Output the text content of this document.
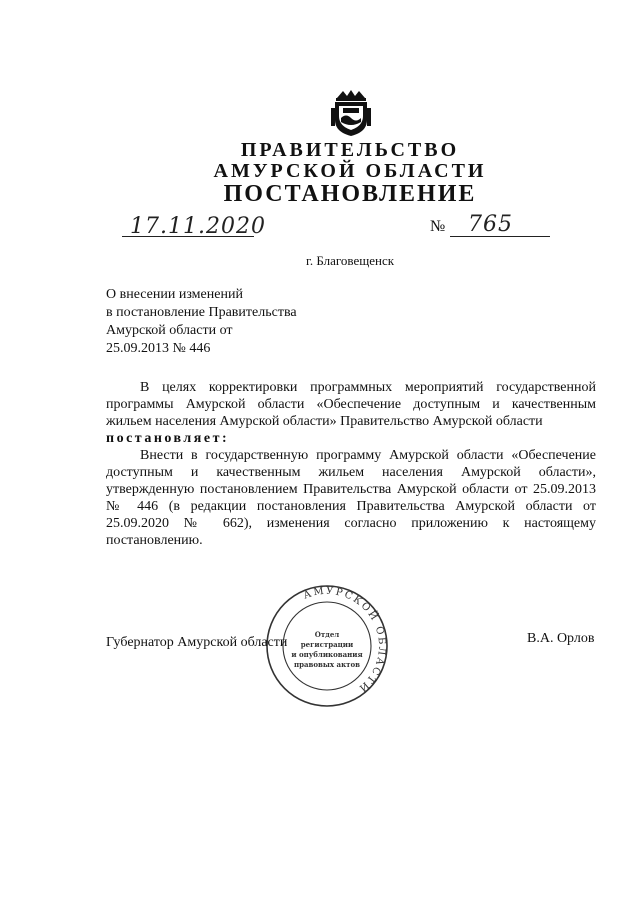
ПРАВИТЕЛЬСТВО
АМУРСКОЙ ОБЛАСТИ
ПОСТАНОВЛЕНИЕ
17.11.2020	№ 765
г. Благовещенск
О внесении изменений
в постановление Правительства
Амурской области от
25.09.2013 № 446
В целях корректировки программных мероприятий государственной
программы Амурской области «Обеспечение доступным и качественным
жильем населения Амурской области» Правительство Амурской области
постановляет:
Внести в государственную программу Амурской области «Обеспечение
доступным и качественным жильем населения Амурской области»,
утвержденную постановлением Правительства Амурской области от 25.09.2013
№ 446 (в редакции постановления Правительства Амурской области от
25.09.2020 № 662), изменения согласно приложению к настоящему
постановлению.
АМУРСКОЙ ОБЛАСТИ
Отдел
регистрации
и опубликования
правовых актов
Губернатор Амурской области	В.А. Орлов
